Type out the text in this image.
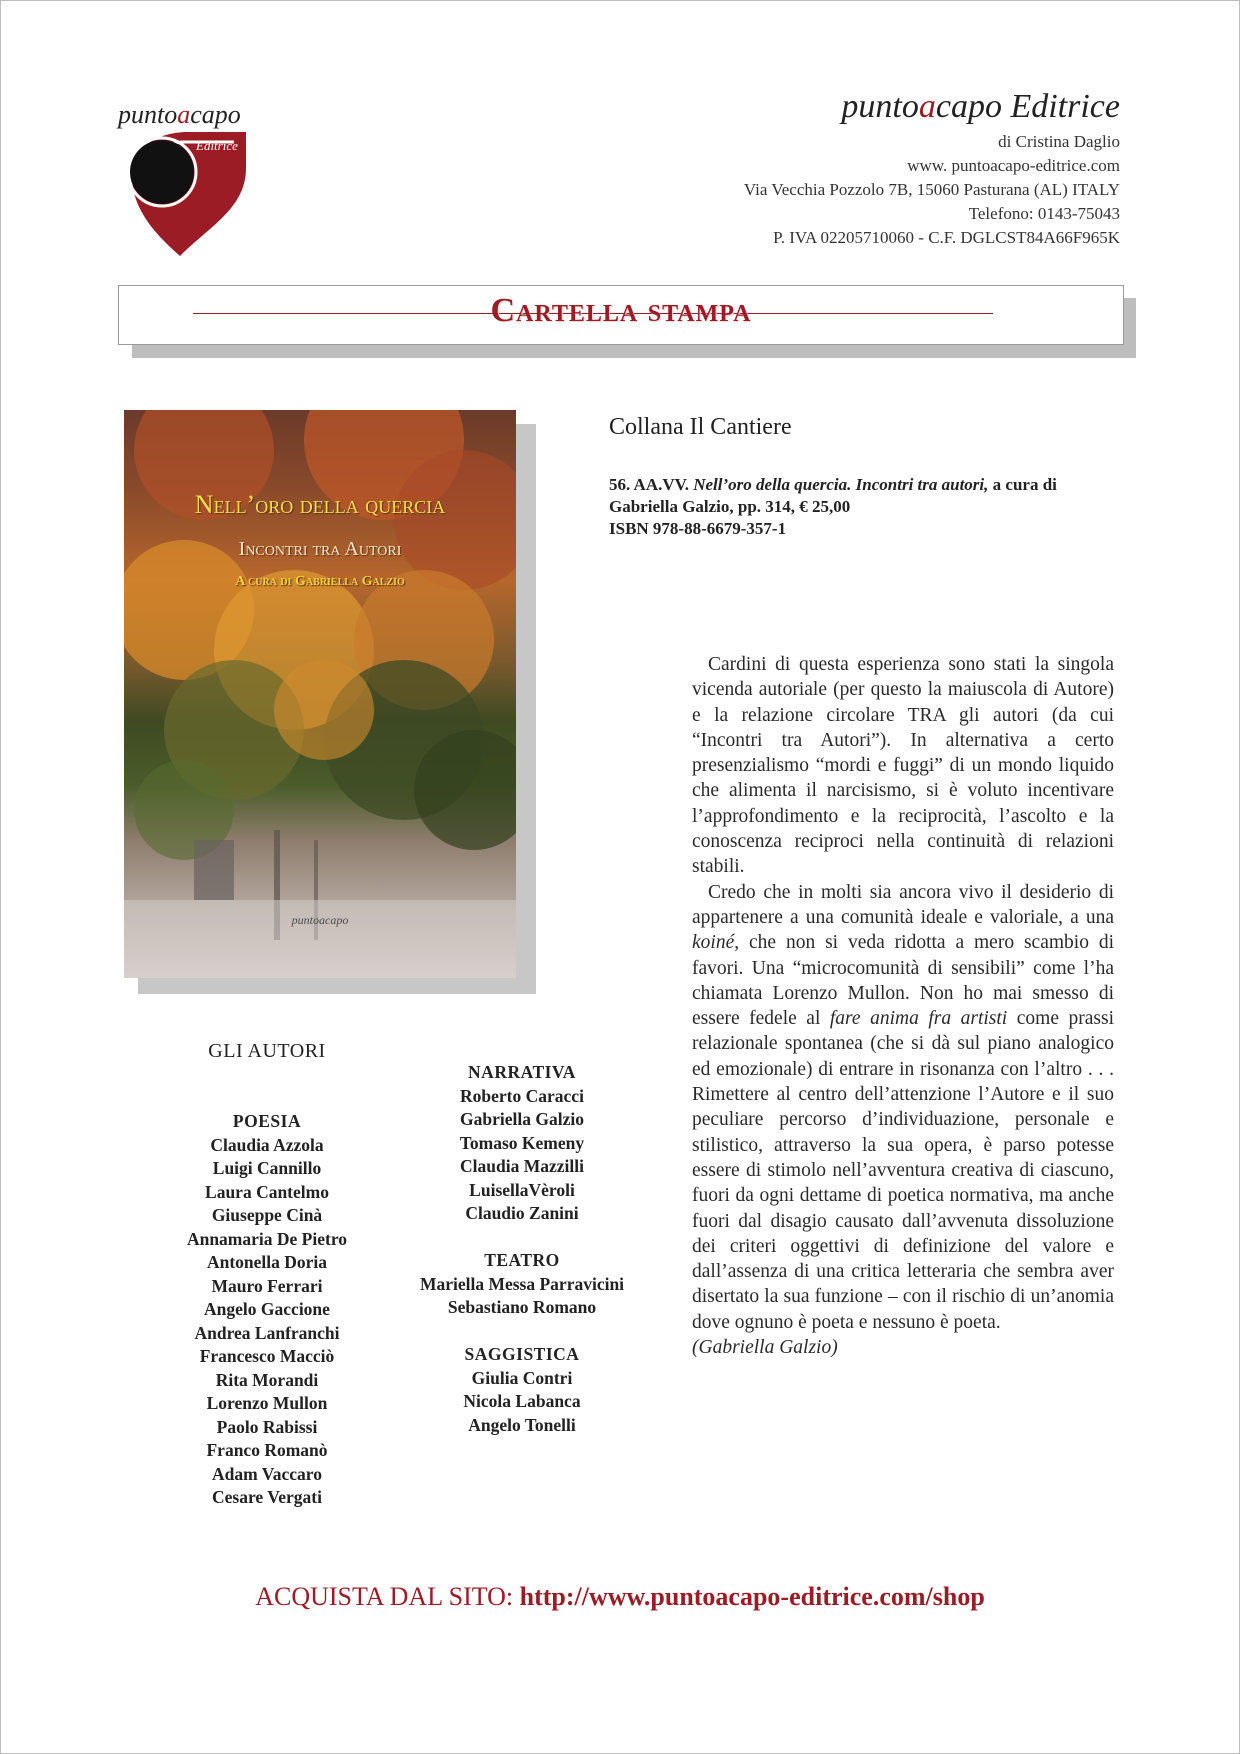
puntoacapo
Editrice
puntoacapo Editrice
di Cristina Daglio
www. puntoacapo-editrice.com
Via Vecchia Pozzolo 7B, 15060 Pasturana (AL) ITALY
Telefono: 0143-75043
P. IVA 02205710060 - C.F. DGLCST84A66F965K
Cartella stampa
Nell’oro della quercia
Incontri tra Autori
A cura di Gabriella Galzio
puntoacapo
Collana Il Cantiere
56. AA.VV. Nell’oro della quercia. Incontri tra autori, a cura di Gabriella Galzio, pp. 314, € 25,00
ISBN 978-88-6679-357-1

Cardini di questa esperienza sono stati la singola vicenda autoriale (per questo la maiuscola di Autore) e la relazione circolare TRA gli autori (da cui “Incontri tra Autori”). In alternativa a certo presenzialismo “mordi e fuggi” di un mondo liquido che alimenta il narcisismo, si è voluto incentivare l’approfondimento e la reciprocità, l’ascolto e la conoscenza reciproci nella continuità di relazioni stabili.

Credo che in molti sia ancora vivo il desiderio di appartenere a una comunità ideale e valoriale, a una koiné, che non si veda ridotta a mero scambio di favori. Una “microcomunità di sensibili” come l’ha chiamata Lorenzo Mullon. Non ho mai smesso di essere fedele al fare anima fra artisti come prassi relazionale spontanea (che si dà sul piano analogico ed emozionale) di entrare in risonanza con l’altro . . . Rimettere al centro dell’attenzione l’Autore e il suo peculiare percorso d’individuazione, personale e stilistico, attraverso la sua opera, è parso potesse essere di stimolo nell’avventura creativa di ciascuno, fuori da ogni dettame di poetica normativa, ma anche fuori dal disagio causato dall’avvenuta dissoluzione dei criteri oggettivi di definizione del valore e dall’assenza di una critica letteraria che sembra aver disertato la sua funzione – con il rischio di un’anomia dove ognuno è poeta e nessuno è poeta.
(Gabriella Galzio)

GLI AUTORI
POESIA
Claudia Azzola
Luigi Cannillo
Laura Cantelmo
Giuseppe Cinà
Annamaria De Pietro
Antonella Doria
Mauro Ferrari
Angelo Gaccione
Andrea Lanfranchi
Francesco Macciò
Rita Morandi
Lorenzo Mullon
Paolo Rabissi
Franco Romanò
Adam Vaccaro
Cesare Vergati
NARRATIVA
Roberto Caracci
Gabriella Galzio
Tomaso Kemeny
Claudia Mazzilli
LuisellaVèroli
Claudio Zanini
TEATRO
Mariella Messa Parravicini
Sebastiano Romano
SAGGISTICA
Giulia Contri
Nicola Labanca
Angelo Tonelli
ACQUISTA DAL SITO: http://www.puntoacapo-editrice.com/shop
